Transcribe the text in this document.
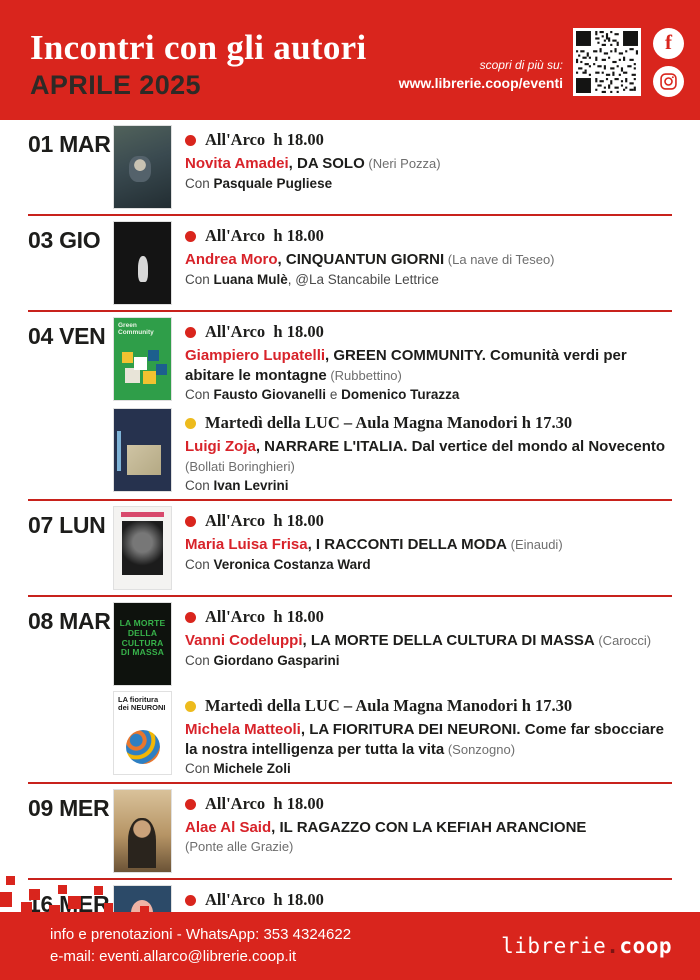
Incontri con gli autori
APRILE 2025
scopri di più su:
www.librerie.coop/eventi
f
01 MAR	All'Arco  h 18.00

Novita Amadei, DA SOLO (Neri Pozza)

Con Pasquale Pugliese

03 GIO	All'Arco  h 18.00

Andrea Moro, CINQUANTUN GIORNI (La nave di Teseo)

Con Luana Mulè, @La Stancabile Lettrice

04 VEN	Green Community	All'Arco  h 18.00

Giampiero Lupatelli, GREEN COMMUNITY. Comunità verdi per abitare le montagne (Rubbettino)

Con Fausto Giovanelli e Domenico Turazza

Martedì della LUC – Aula Magna Manodori h 17.30

Luigi Zoja, NARRARE L'ITALIA. Dal vertice del mondo al Novecento (Bollati Boringhieri)

Con Ivan Levrini

07 LUN	All'Arco  h 18.00

Maria Luisa Frisa, I RACCONTI DELLA MODA (Einaudi)

Con Veronica Costanza Ward

08 MAR	LA MORTE DELLA CULTURA DI MASSA
All'Arco  h 18.00

Vanni Codeluppi, LA MORTE DELLA CULTURA DI MASSA (Carocci)

Con Giordano Gasparini

LA fioritura dei NEURONI	Martedì della LUC – Aula Magna Manodori h 17.30

Michela Matteoli, LA FIORITURA DEI NEURONI. Come far sbocciare la nostra intelligenza per tutta la vita (Sonzogno)

Con Michele Zoli

09 MER	All'Arco  h 18.00

Alae Al Said, IL RAGAZZO CON LA KEFIAH ARANCIONE

(Ponte alle Grazie)

16 MER	All'Arco  h 18.00

info e prenotazioni - WhatsApp: 353 4324622
e-mail: eventi.allarco@librerie.coop.it	librerie.coop
